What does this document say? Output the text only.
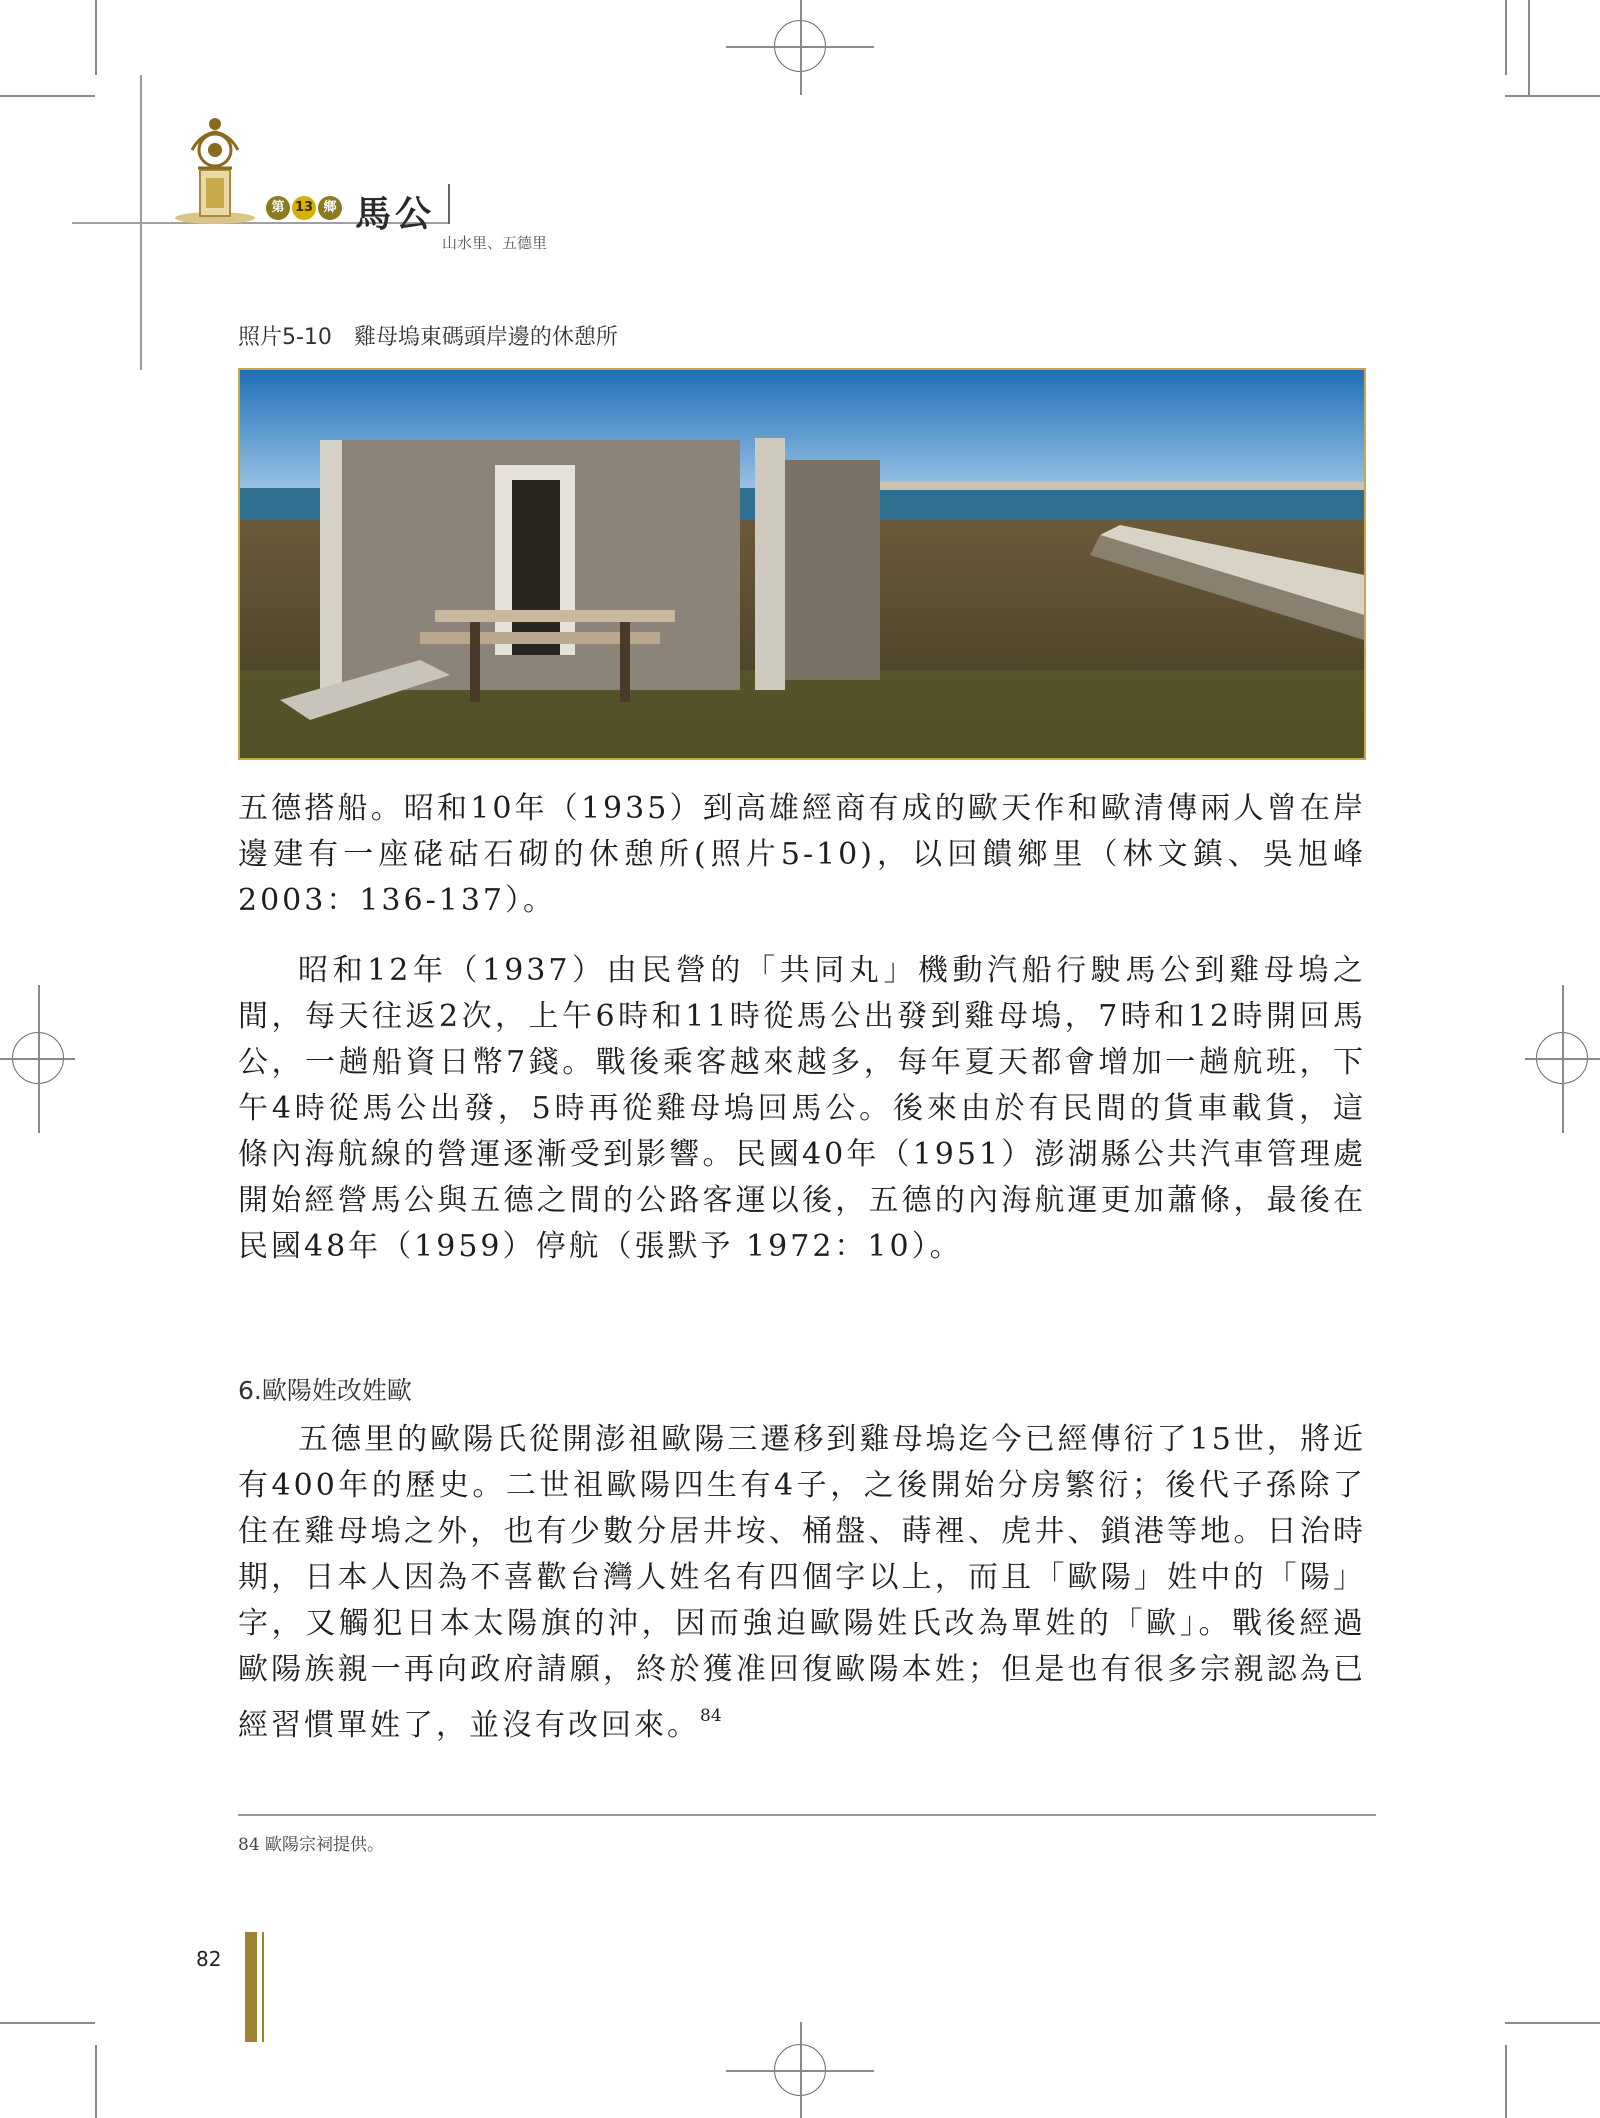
第 13 鄉 馬公
山水里、五德里
照片5-10　雞母塢東碼頭岸邊的休憩所
五德搭船。昭和10年（1935）到高雄經商有成的歐天作和歐清傳兩人曾在岸邊建有一座硓𥑮石砌的休憩所(照片5-10)，以回饋鄉里（林文鎮、吳旭峰 2003：136-137）。
昭和12年（1937）由民營的「共同丸」機動汽船行駛馬公到雞母塢之間，每天往返2次，上午6時和11時從馬公出發到雞母塢，7時和12時開回馬公，一趟船資日幣7錢。戰後乘客越來越多，每年夏天都會增加一趟航班，下午4時從馬公出發，5時再從雞母塢回馬公。後來由於有民間的貨車載貨，這條內海航線的營運逐漸受到影響。民國40年（1951）澎湖縣公共汽車管理處開始經營馬公與五德之間的公路客運以後，五德的內海航運更加蕭條，最後在民國48年（1959）停航（張默予 1972：10）。
6.歐陽姓改姓歐
五德里的歐陽氏從開澎祖歐陽三遷移到雞母塢迄今已經傳衍了15世，將近有400年的歷史。二世祖歐陽四生有4子，之後開始分房繁衍；後代子孫除了住在雞母塢之外，也有少數分居井垵、桶盤、蒔裡、虎井、鎖港等地。日治時期，日本人因為不喜歡台灣人姓名有四個字以上，而且「歐陽」姓中的「陽」字，又觸犯日本太陽旗的沖，因而強迫歐陽姓氏改為單姓的「歐」。戰後經過歐陽族親一再向政府請願，終於獲准回復歐陽本姓；但是也有很多宗親認為已經習慣單姓了，並沒有改回來。$^{84}$
84 歐陽宗祠提供。
82
